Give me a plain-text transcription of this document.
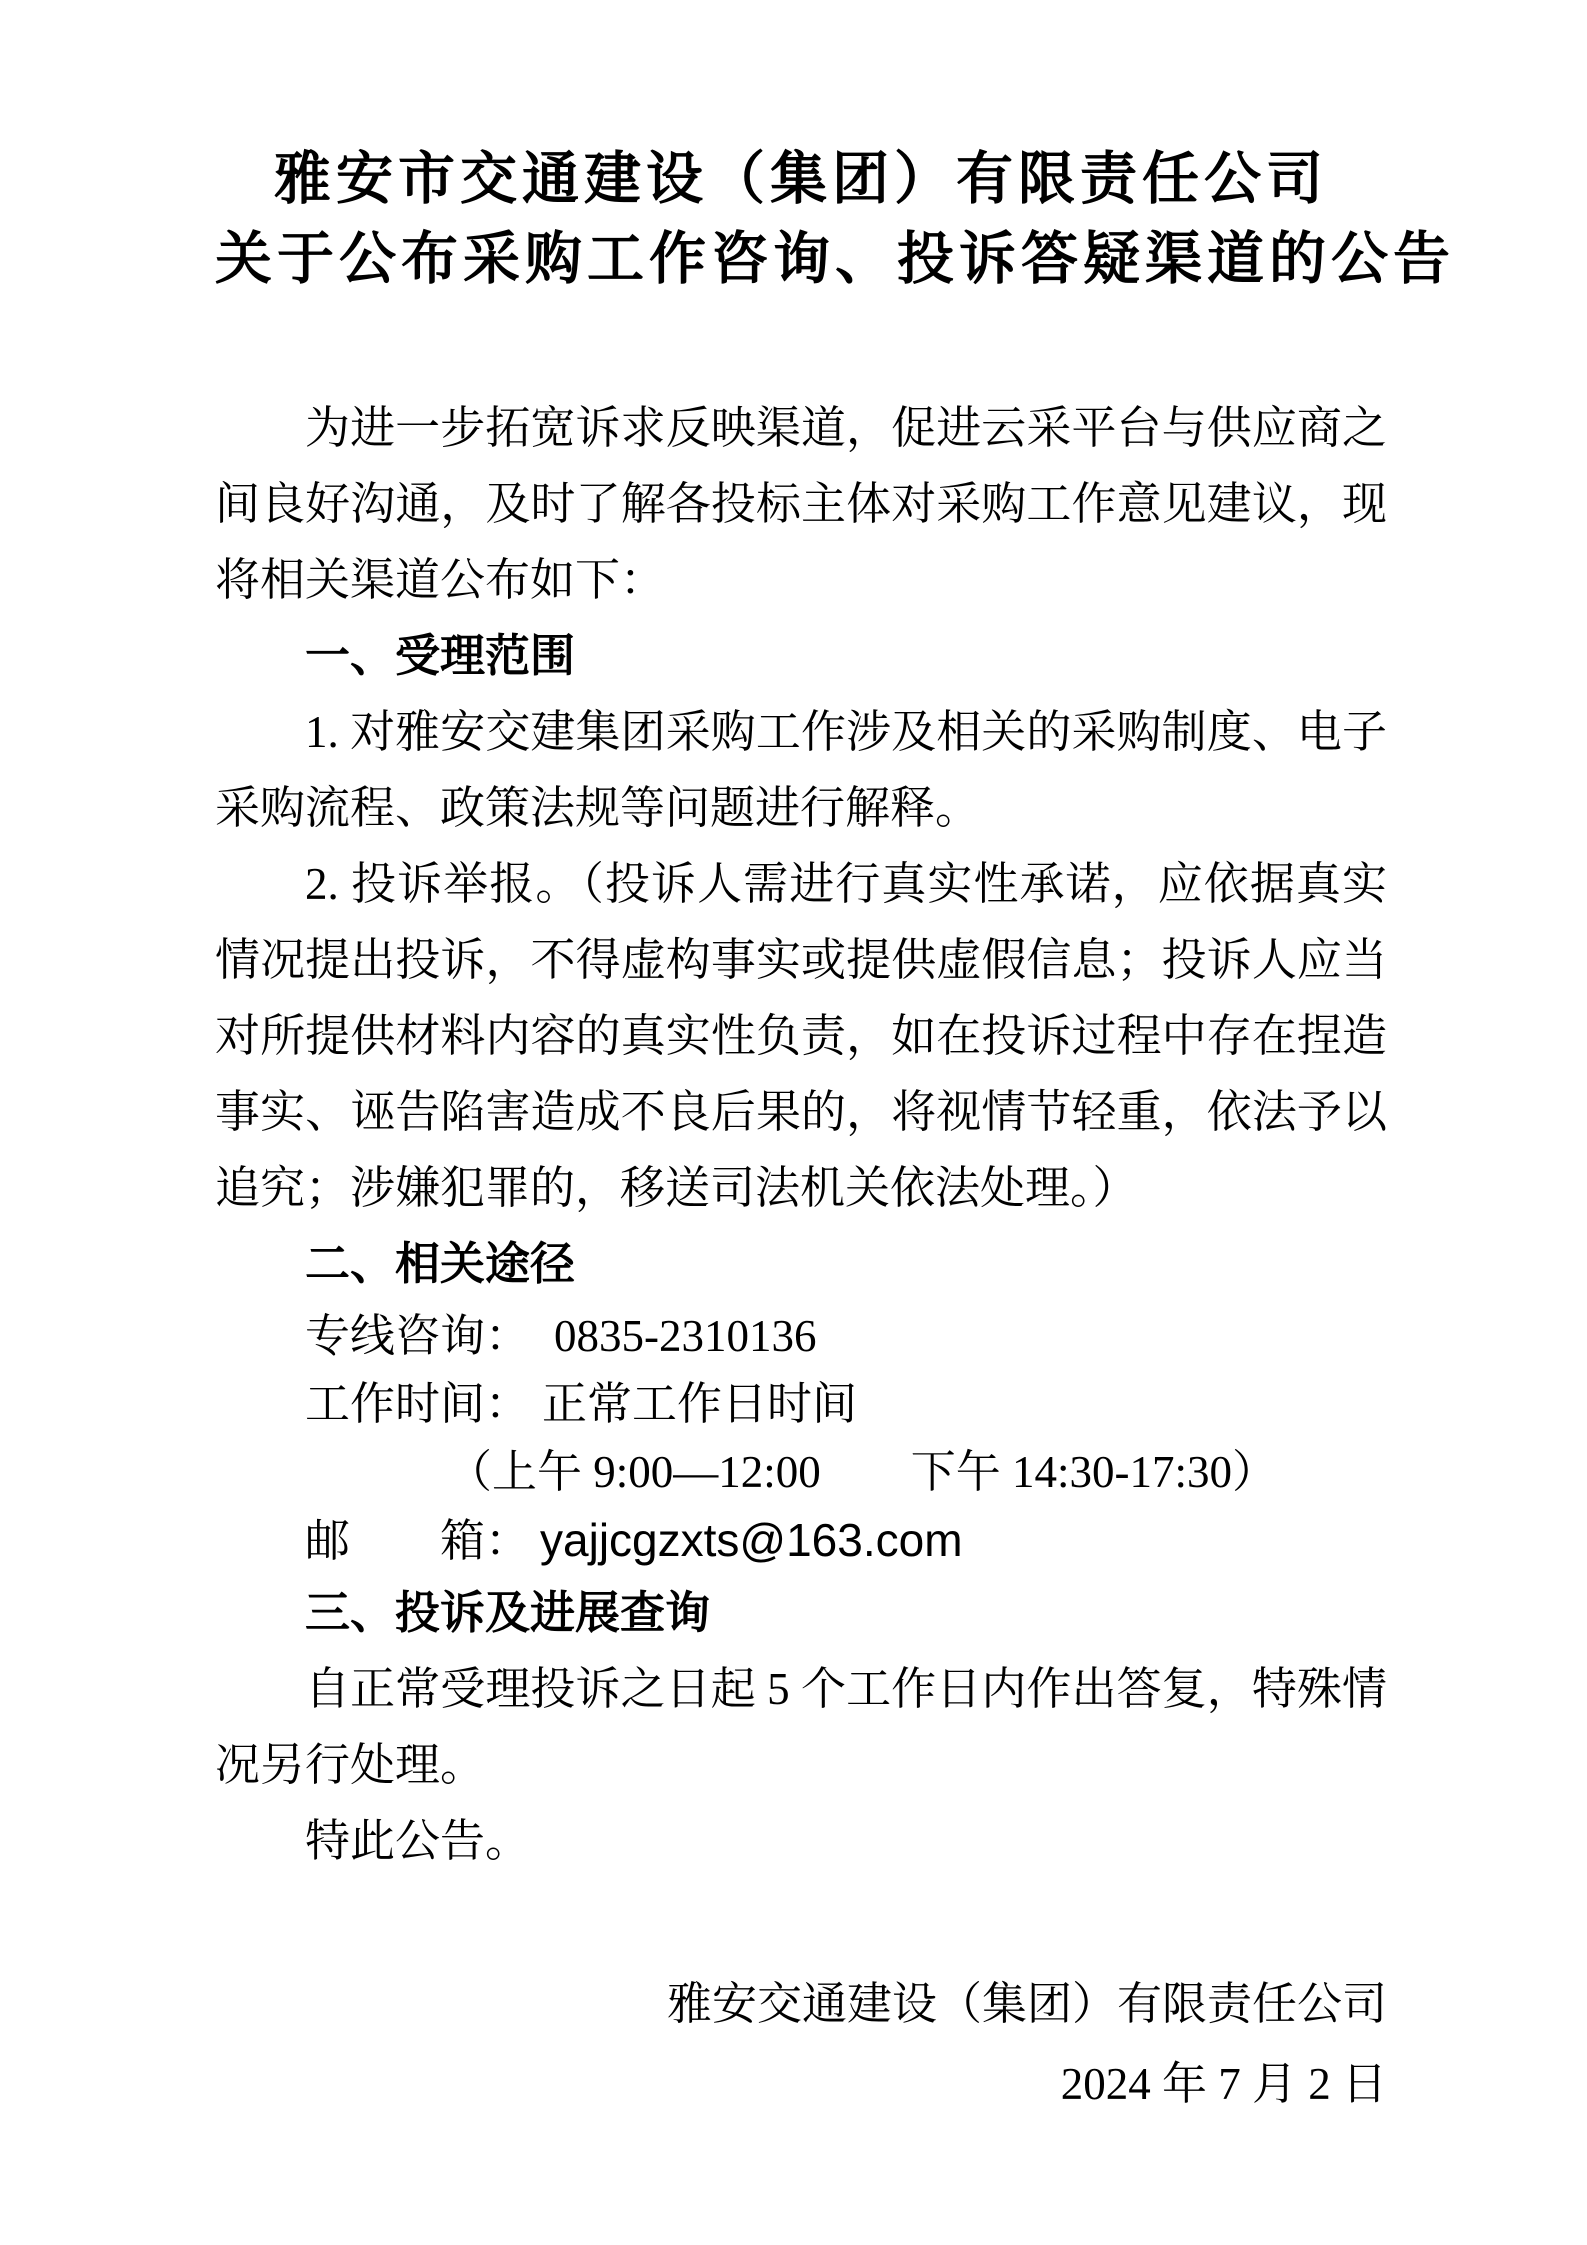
雅安市交通建设（集团）有限责任公司
关于公布采购工作咨询、投诉答疑渠道的公告

为进一步拓宽诉求反映渠道，促进云采平台与供应商之间良好沟通，及时了解各投标主体对采购工作意见建议，现将相关渠道公布如下：

一、受理范围

1. 对雅安交建集团采购工作涉及相关的采购制度、电子采购流程、政策法规等问题进行解释。

2. 投诉举报。（投诉人需进行真实性承诺，应依据真实情况提出投诉，不得虚构事实或提供虚假信息；投诉人应当对所提供材料内容的真实性负责，如在投诉过程中存在捏造事实、诬告陷害造成不良后果的，将视情节轻重，依法予以追究；涉嫌犯罪的，移送司法机关依法处理。）

二、相关途径

专线咨询： 0835-2310136

工作时间： 正常工作日时间

（上午 9:00—12:00　　下午 14:30-17:30）

邮　　箱： yajjcgzxts@163.com

三、投诉及进展查询

自正常受理投诉之日起 5 个工作日内作出答复，特殊情况另行处理。

特此公告。

雅安交通建设（集团）有限责任公司

2024 年 7 月 2 日
